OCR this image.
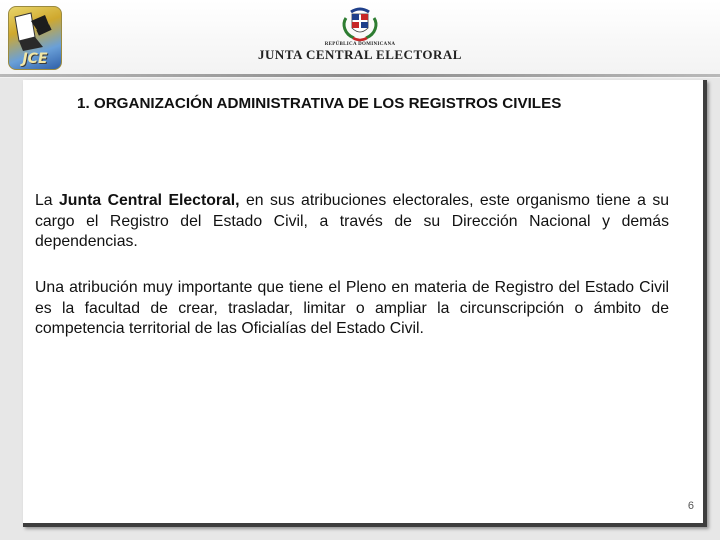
JCE
REPÚBLICA DOMINICANA
JUNTA CENTRAL ELECTORAL
1. ORGANIZACIÓN ADMINISTRATIVA DE LOS REGISTROS CIVILES
La Junta Central Electoral, en sus atribuciones electorales, este organismo tiene a su cargo el Registro del Estado Civil, a través de su Dirección Nacional y demás dependencias.
Una atribución muy importante que tiene el Pleno en materia de Registro del Estado Civil es la facultad de crear, trasladar, limitar o ampliar la circunscripción o ámbito de competencia territorial de las Oficialías del Estado Civil.
6
